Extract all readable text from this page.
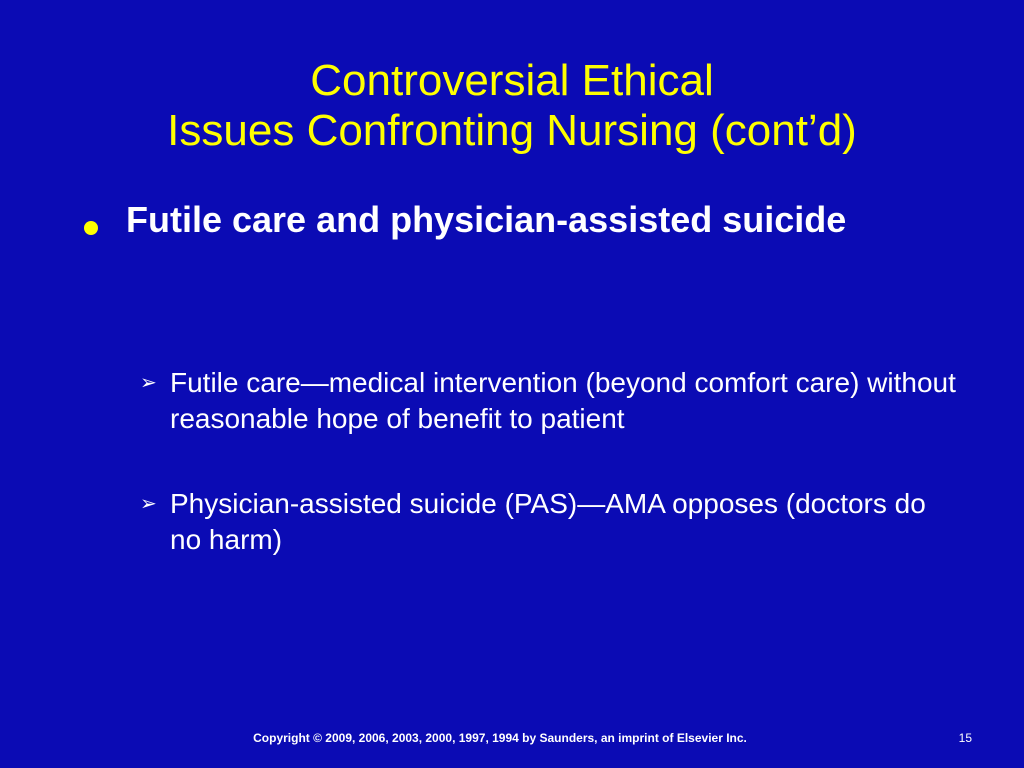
Controversial Ethical
Issues Confronting Nursing (cont’d)

Futile care and physician-assisted suicide

➢ Futile care—medical intervention (beyond comfort care) without reasonable hope of benefit to patient

➢ Physician-assisted suicide (PAS)—AMA opposes (doctors do no harm)

Copyright © 2009, 2006, 2003, 2000, 1997, 1994 by Saunders, an imprint of Elsevier Inc.	15
